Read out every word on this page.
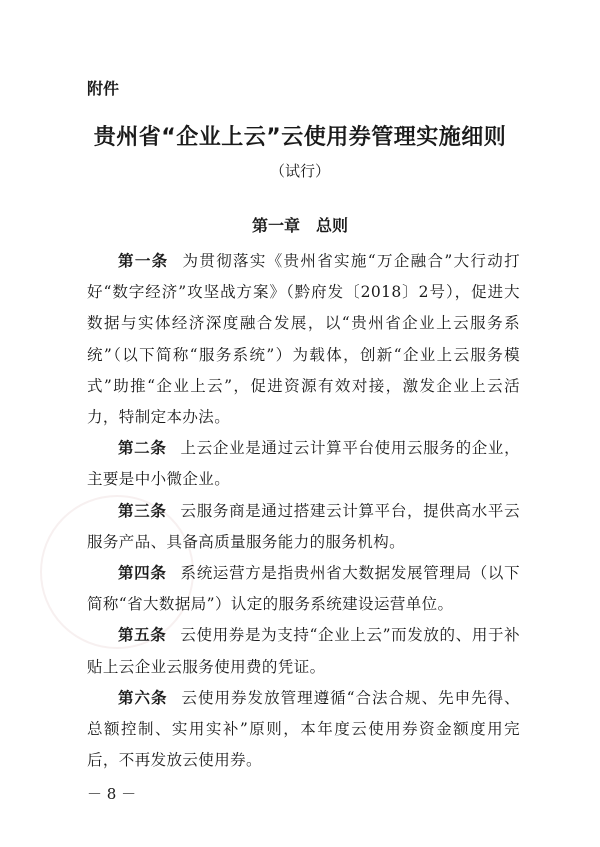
附件
贵州省“企业上云”云使用券管理实施细则
（试行）
第一章 总则

第一条 为贯彻落实《贵州省实施“万企融合”大行动打好“数字经济”攻坚战方案》（黔府发〔2018〕2号），促进大数据与实体经济深度融合发展，以“贵州省企业上云服务系统”（以下简称“服务系统”）为载体，创新“企业上云服务模式”助推“企业上云”，促进资源有效对接，激发企业上云活力，特制定本办法。

第二条 上云企业是通过云计算平台使用云服务的企业，主要是中小微企业。

第三条 云服务商是通过搭建云计算平台，提供高水平云服务产品、具备高质量服务能力的服务机构。

第四条 系统运营方是指贵州省大数据发展管理局（以下简称“省大数据局”）认定的服务系统建设运营单位。

第五条 云使用券是为支持“企业上云”而发放的、用于补贴上云企业云服务使用费的凭证。

第六条 云使用券发放管理遵循“合法合规、先申先得、总额控制、实用实补”原则，本年度云使用券资金额度用完后，不再发放云使用券。

－ 8 －
